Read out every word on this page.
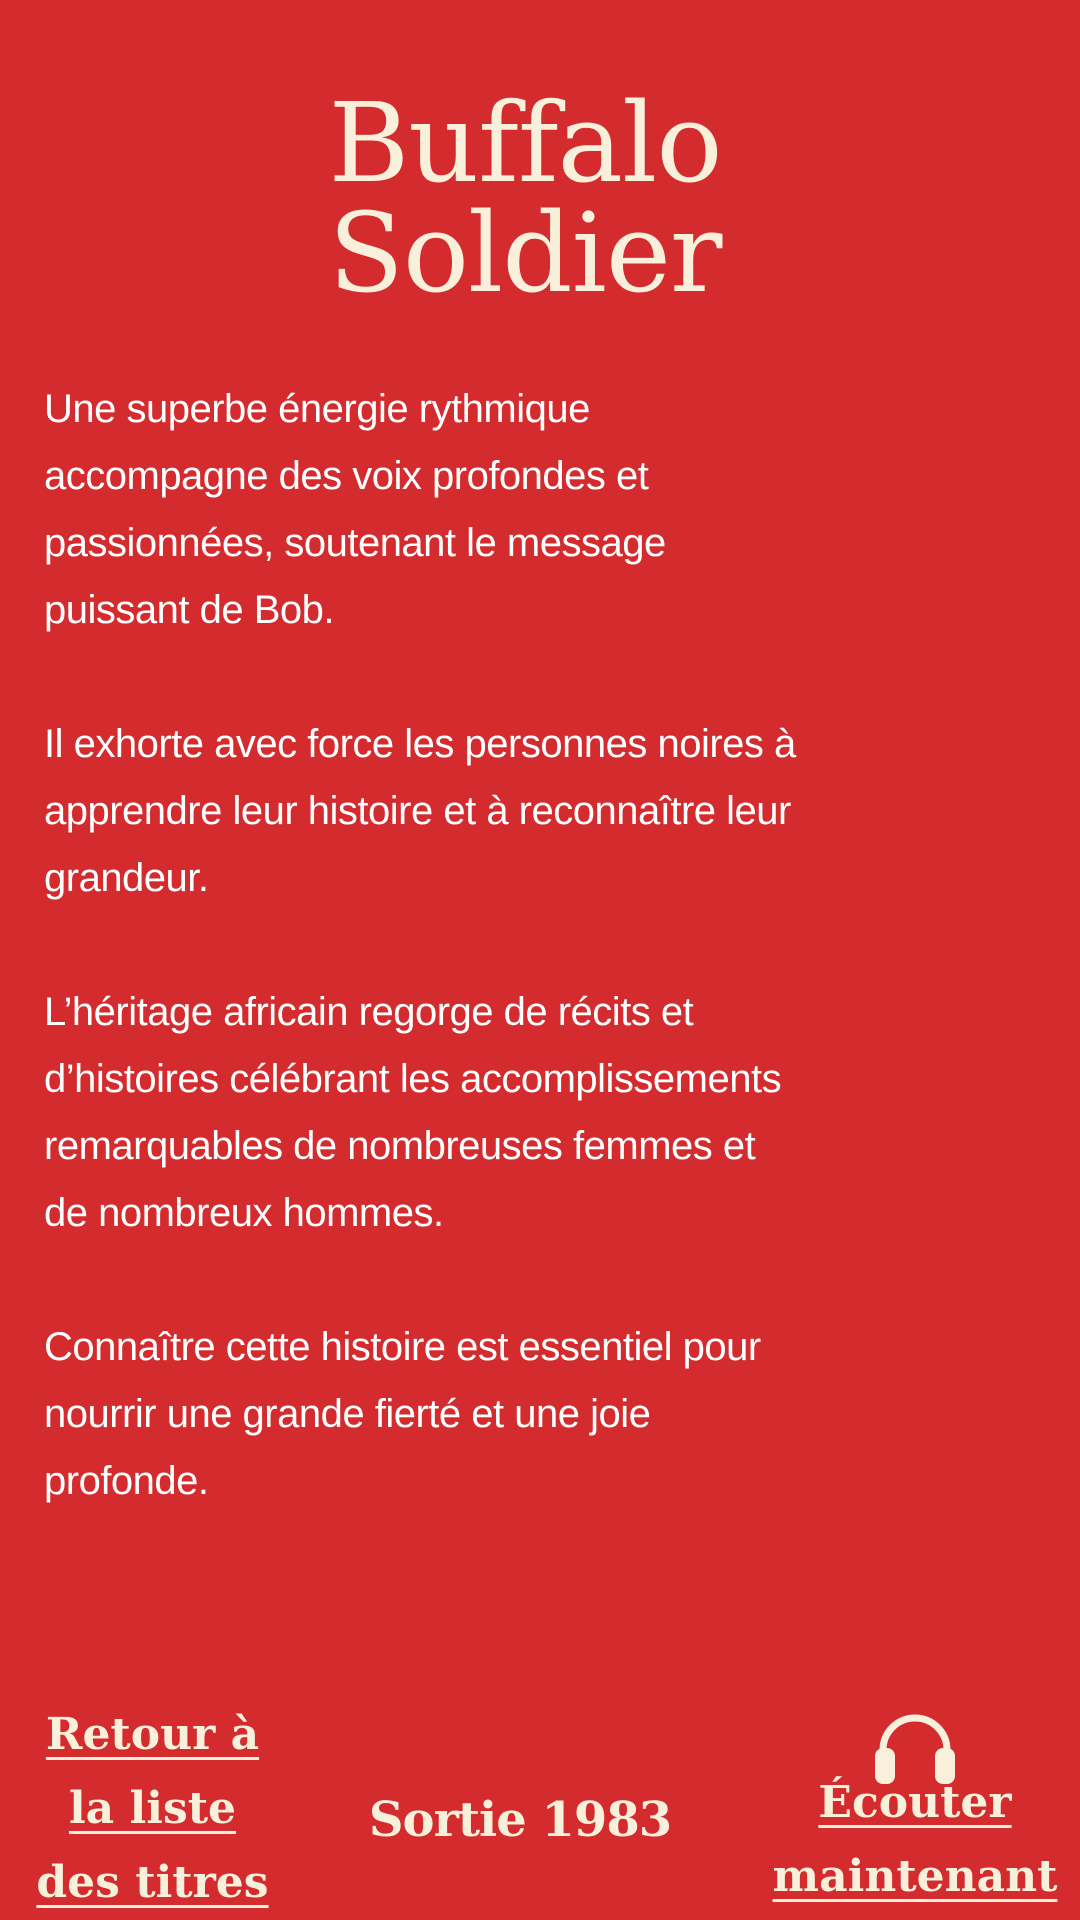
Buffalo
Soldier

Une superbe énergie rythmique accompagne des voix profondes et passionnées, soutenant le message puissant de Bob.

Il exhorte avec force les personnes noires à apprendre leur histoire et à reconnaître leur grandeur.

L’héritage africain regorge de récits et d’histoires célébrant les accomplissements remarquables de nombreuses femmes et de nombreux hommes.

Connaître cette histoire est essentiel pour nourrir une grande fierté et une joie profonde.

Retour à
la liste
des titres
Sortie 1983	Écouter
maintenant
